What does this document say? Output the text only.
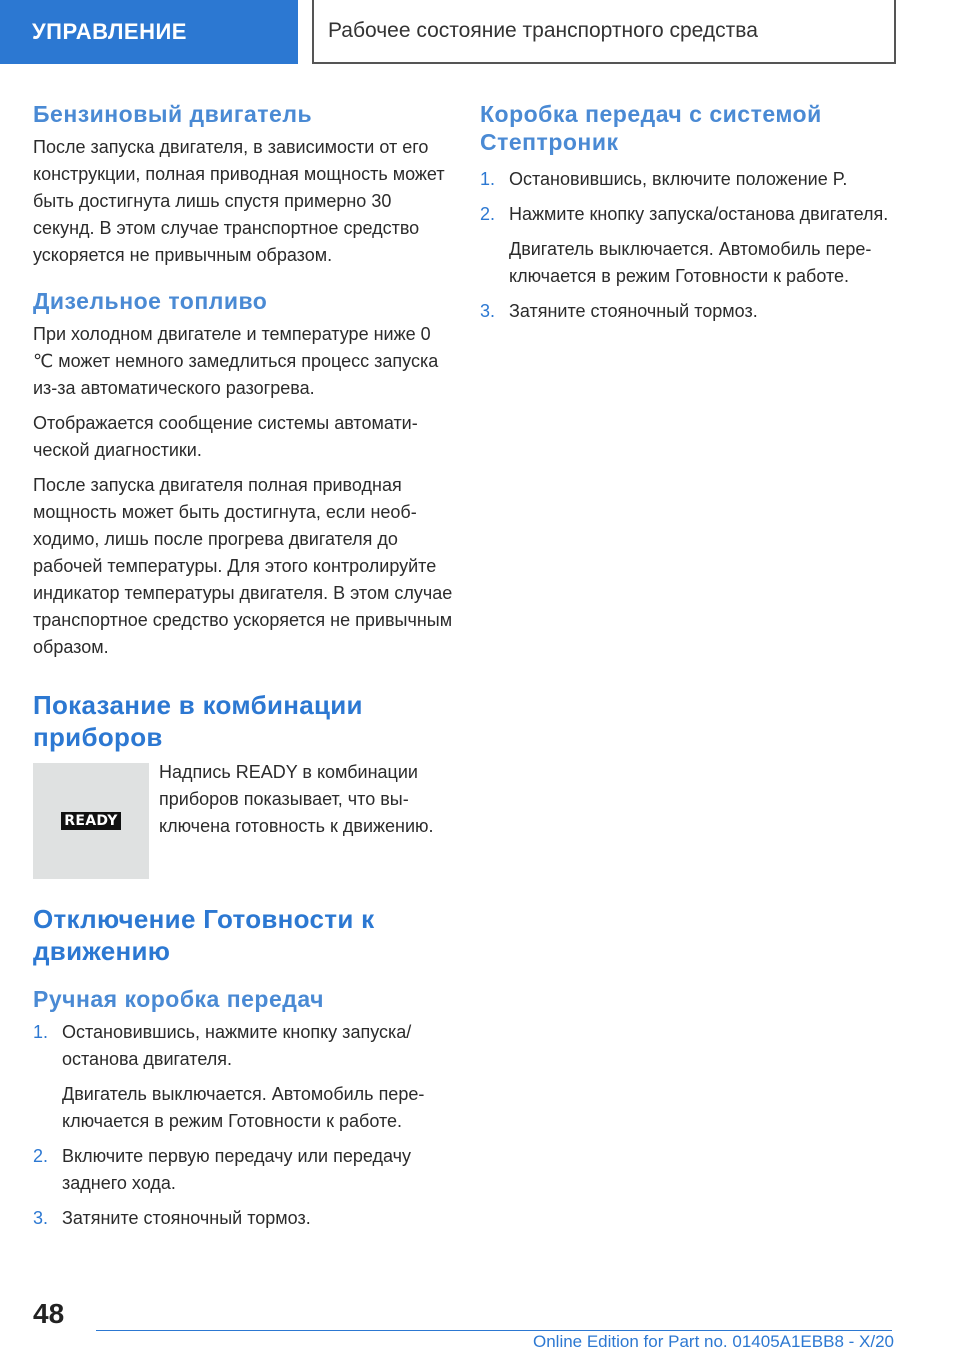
УПРАВЛЕНИЕ	Рабочее состояние транспортного средства
Бензиновый двигатель

После запуска двигателя, в зависимости от его конструкции, полная приводная мощность может быть достигнута лишь спустя примерно 30 секунд. В этом случае транспортное средство ускоряется не привычным образом.

Дизельное топливо

При холодном двигателе и температуре ниже 0 ℃ может немного замедлиться процесс запуска из-за автоматического разогрева.

Отображается сообщение системы автоматической диагностики.

После запуска двигателя полная приводная мощность может быть достигнута, если необходимо, лишь после прогрева двигателя до рабочей температуры. Для этого контролируйте индикатор температуры двигателя. В этом случае транспортное средство ускоряется не привычным образом.

Показание в комбинации приборов
READY

Надпись READY в комбинации приборов показывает, что выключена готовность к движению.

Отключение Готовности к движению
Ручная коробка передач
1. Остановившись, нажмите кнопку запуска/останова двигателя.

Двигатель выключается. Автомобиль переключается в режим Готовности к работе.

2. Включите первую передачу или передачу заднего хода.
3. Затяните стояночный тормоз.
Коробка передач с системой Стептроник
1. Остановившись, включите положение P.
2. Нажмите кнопку запуска/останова двигателя.

Двигатель выключается. Автомобиль переключается в режим Готовности к работе.

3. Затяните стояночный тормоз.
48
Online Edition for Part no. 01405A1EBB8 - X/20
